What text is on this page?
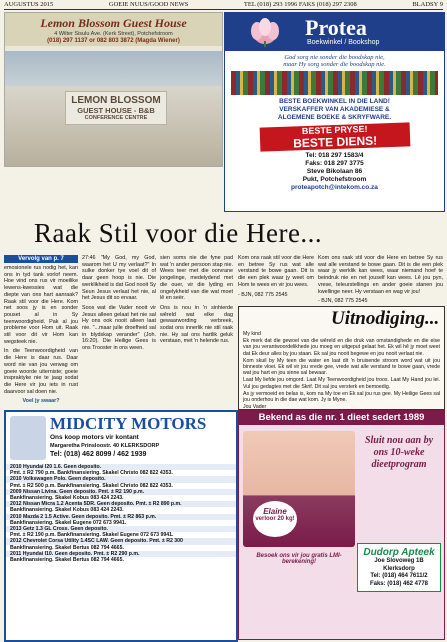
AUGUSTUS 2015	GOEIE NUUS/GOOD NEWS	TEL (018) 293 1996 FAKS (018) 297 2308	BLADSY 9
Lemon Blossom Guest House
4 Wilter Sisulu Ave. (Kerk Street), Potchefstroom
(018) 297 1137 or 082 803 3872 (Magda Wiener)
LEMON BLOSSOM
GUEST HOUSE - B&B
CONFERENCE CENTRE
Protea
Boekwinkel / Bookshop
God sorg nie sonder die boodskap nie,
maar Hy sorg sonder die boodskap nie.
BESTE BOEKWINKEL IN DIE LAND!
VERSKAFFER VAN AKADEMIESE &
ALGEMENE BOEKE & SKRYFWARE.
BESTE PRYSE!
BESTE DIENS!
Tel: 018 297 1583/4
Faks: 018 297 3775
Steve Bikolaan 86
Pukt, Potchefstroom
proteapotch@intekom.co.za
Raak Stil voor die Here...
Vervolg van p. 7

emosionele rus nodig het, kan ons in tyd tank vorlof neem. Hoe vind ons rus vir moeilike lewens-kwessies wat die diepte van ons hart aanraak? Raak stil voor die Here. Kom net soos jy is en sonder pouset al in Sy teenwoordigheid. Pak al jou probleme voor Hom uit. Raak stil voor dit vir Hom kan wegsteek nie.

In die Teenwoordigheid van die Here is daar rus. Daar word nie van jou verwag om goeie woorde uiterniste; goeie inspraktyke nie te jaag sodat die Here vir jou iets in rust daarvoor sal doen nie.

Voel jy swaar?

27:46 "My God, my God, waarom het U my verlaat?" In sulke donker tye voel dit of daar geen hoop is nie. Die werklikheid is dat God nooit Sy Seun Jesus verlaat het nie, al het Jesus dit so ervaar.

Soos wat die Vader nooit vir Jesus alleen gelaat het nie sal Hy ons ook nooit alleen laat nie. "...maar julle droefheid sal in blydskap verander" (Joh. 16:20). Die Heilige Gees is ons Trooster in ons ween.

sien soms nie die fyne pad wat 'n ander persoon stap nie. Wees teer met die oorvrane jongelinge, medelydend met die ouer, vir die lyding en ongelykheid van die wat moet lê en seër.

Ons is nou in 'n sinhierde wêreld wat elke dag gewaarwording verbreek, sodat ons innerlik nie stil raak nie. Hy sal ons hartlik geluk verstaan, met 'n helende rus.

Kom ons raak stil voor die Here en betree Sy rus wat alle verstand te bowe gaan. Dit is die een plek waar jy weet om Hom te wees en vir jou wees.

- BJN, 082 775 2545

Kom ons raak stil voor die Here en betree Sy rus wat alle verstand te bowe gaan. Dit is die een plek waar jy werklik kan wees, waar niemand hoef te beindruk nie en net jouself kan wees. Lê jou pyn, vrese, teleurstellings en ander goeie stanen jou kwellinge neer. Hy verstaan en wag vir jou!

- BJN, 082 775 2545

Uitnodiging...

My kind

Ek merk dat die gewoel van die wêreld en die druk van omstandighede en die eise van jou verantwoordelikhede jou moeg en uitgeput gelaat het. Ek wil hê jy moet weet dat Ek deur alles by jou staan. Ek sal jou nooit begewe en jou nooit verlaat nie.

Kom skuil by My teen die water en laat dit 'n bruisende stroom word wat uit jou binneste vloei. Ek wil vir jou vrede gee, vrede wat alle verstand te bowe gaan, vrede wat jou hart en jou sinne sal bewaar.

Laat My liefde jou omgord. Laat My Teenwoordigheid jou troos. Laat My Hand jou lei. Vul jou gedagtes met die Skrif. Dit sal jou versterk en bemoedig.

As jy vermoeid en belas is, kom na My toe en Ek sal jou rus gee. My Heilige Gees sal jou onderhou in die dae wat kom. Jy is Myne.

Jou Vader

MIDCITY MOTORS
Ons koop motors vir kontant
Margaretha Prinsloostr. 40 KLERKSDORP
Tel: (018) 462 8099 / 462 1939
2010 Hyundai I20 1.6. Geen deposito.
Pmt. ± R2 790 p.m. Bankfinansiering. Skakel Christo 082 822 4353.
2010 Volkswagen Polo. Geen deposito.
Pmt. ± R2 500 p.m. Bankfinansiering. Skakel Christo 082 822 4353.
2009 Nissan Livina. Geen deposito. Pmt. ± R2 190 p.m.
Bankfinansiering. Skakel Kobus 083 424 2243.
2012 Nissan Micra 1.2 Acenta 5DR. Geen deposito. Pmt. ± R2 890 p.m.
Bankfinansiering. Skakel Kobus 083 424 2243.
2010 Mazda 2 1.5 Active. Geen deposito. Pmt. ± R2 863 p.m.
Bankfinansiering. Skakel Eugene 072 673 9941.
2013 Getz 1.3 GL Cross. Geen deposito.
Pmt. ± R2 190 p.m. Bankfinansiering. Skakel Eugene 072 673 9941.
2012 Chevrolet Corsa Utility 1.4SC LAW. Geen deposito. Pmt. ± R2 300
Bankfinansiering. Skakel Bertus 082 794 4665.
2011 Hyundai I10. Geen deposito. Pmt. ± R2 290 p.m.
Bankfinansiering. Skakel Bertus 082 794 4665.
Bekend as die nr. 1 dieet sedert 1989
Elaine
verloor 20 kg!
Sluit nou aan by ons 10-weke dieetprogram
Besoek ons vir jou gratis LMI-berekening!
Dudorp Apteek
Joe Slovoweg 1B
Klerksdorp
Tel: (018) 464 7611/2
Faks: (018) 462 4778
